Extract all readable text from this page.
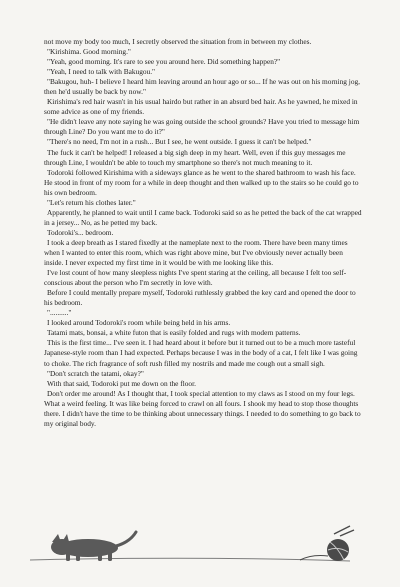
not move my body too much, I secretly observed the situation from in between my clothes.

"Kirishima. Good morning."

"Yeah, good morning. It's rare to see you around here. Did something happen?"

"Yeah, I need to talk with Bakugou."

"Bakugou, huh- I believe I heard him leaving around an hour ago or so... If he was out on his morning jog, then he'd usually be back by now."

Kirishima's red hair wasn't in his usual hairdo but rather in an absurd bed hair. As he yawned, he mixed in some advice as one of my friends.

"He didn't leave any note saying he was going outside the school grounds? Have you tried to message him through Line? Do you want me to do it?"

"There's no need, I'm not in a rush... But I see, he went outside. I guess it can't be helped."

The fuck it can't be helped! I released a big sigh deep in my heart. Well, even if this guy messages me through Line, I wouldn't be able to touch my smartphone so there's not much meaning to it.

Todoroki followed Kirishima with a sideways glance as he went to the shared bathroom to wash his face. He stood in front of my room for a while in deep thought and then walked up to the stairs so he could go to his own bedroom.

"Let's return his clothes later."

Apparently, he planned to wait until I came back. Todoroki said so as he petted the back of the cat wrapped in a jersey... No, as he petted my back.

Todoroki's... bedroom.

I took a deep breath as I stared fixedly at the nameplate next to the room. There have been many times when I wanted to enter this room, which was right above mine, but I've obviously never actually been inside. I never expected my first time in it would be with me looking like this.

I've lost count of how many sleepless nights I've spent staring at the ceiling, all because I felt too self-conscious about the person who I'm secretly in love with.

Before I could mentally prepare myself, Todoroki ruthlessly grabbed the key card and opened the door to his bedroom.

".........."

I looked around Todoroki's room while being held in his arms.

Tatami mats, bonsai, a white futon that is easily folded and rugs with modern patterns.

This is the first time... I've seen it. I had heard about it before but it turned out to be a much more tasteful Japanese-style room than I had expected. Perhaps because I was in the body of a cat, I felt like I was going to choke. The rich fragrance of soft rush filled my nostrils and made me cough out a small sigh.

"Don't scratch the tatami, okay?"

With that said, Todoroki put me down on the floor.

Don't order me around! As I thought that, I took special attention to my claws as I stood on my four legs. What a weird feeling. It was like being forced to crawl on all fours. I shook my head to stop those thoughts there. I didn't have the time to be thinking about unnecessary things. I needed to do something to go back to my original body.
